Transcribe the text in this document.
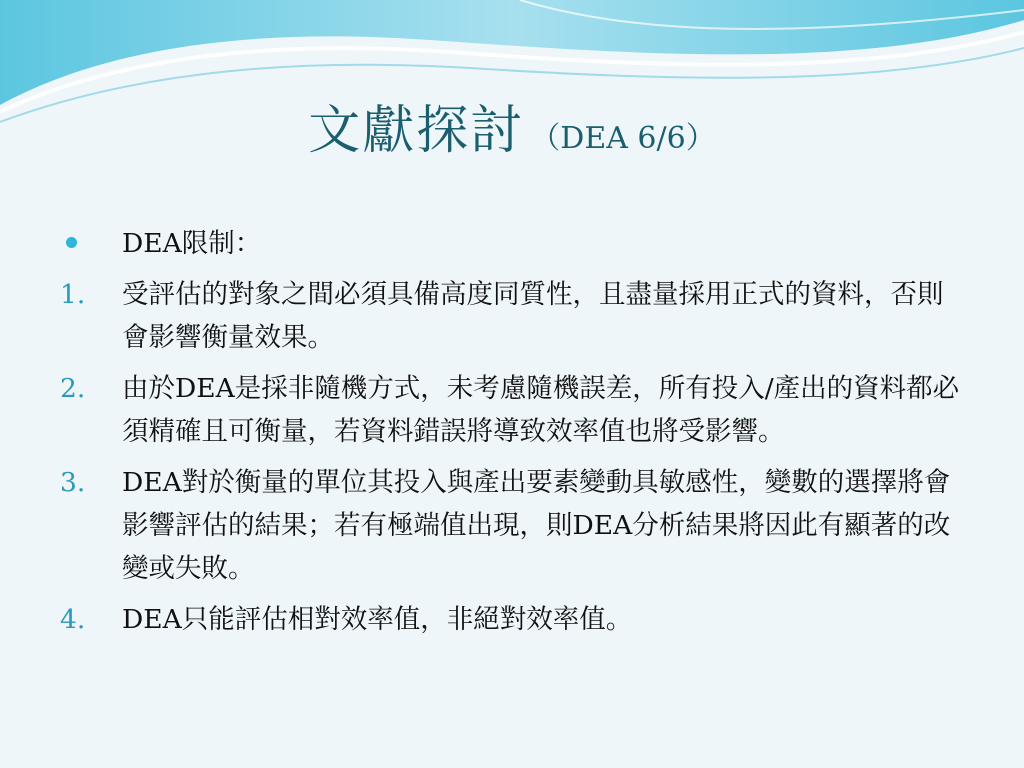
文獻探討 （DEA 6/6）
DEA限制：
1.	受評估的對象之間必須具備高度同質性，且盡量採用正式的資料，否則會影響衡量效果。
2.	由於DEA是採非隨機方式，未考慮隨機誤差，所有投入/產出的資料都必須精確且可衡量，若資料錯誤將導致效率值也將受影響。
3.	DEA對於衡量的單位其投入與產出要素變動具敏感性，變數的選擇將會影響評估的結果；若有極端值出現，則DEA分析結果將因此有顯著的改變或失敗。
4.	DEA只能評估相對效率值，非絕對效率值。
